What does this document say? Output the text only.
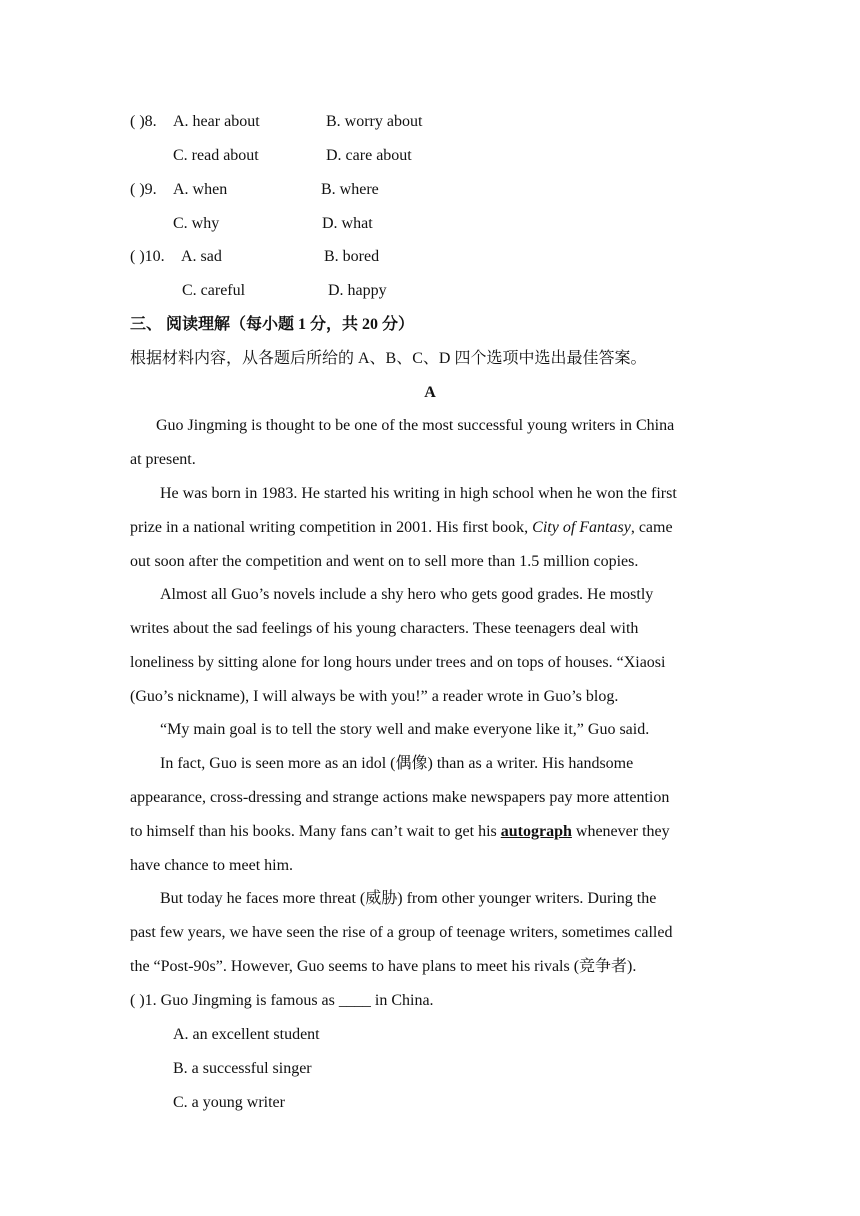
( )8. A. hear about	B. worry about
C. read about	D. care about
( )9. A. when	B. where
C. why	D. what
( )10. A. sad	B. bored
C. careful	D. happy
三、 阅读理解（每小题 1 分，共 20 分）
根据材料内容，从各题后所给的 A、B、C、D 四个选项中选出最佳答案。
A
Guo Jingming is thought to be one of the most successful young writers in China
at present.
He was born in 1983. He started his writing in high school when he won the first
prize in a national writing competition in 2001. His first book, City of Fantasy, came
out soon after the competition and went on to sell more than 1.5 million copies.
Almost all Guo’s novels include a shy hero who gets good grades. He mostly
writes about the sad feelings of his young characters. These teenagers deal with
loneliness by sitting alone for long hours under trees and on tops of houses. “Xiaosi
(Guo’s nickname), I will always be with you!” a reader wrote in Guo’s blog.
“My main goal is to tell the story well and make everyone like it,” Guo said.
In fact, Guo is seen more as an idol (偶像) than as a writer. His handsome
appearance, cross-dressing and strange actions make newspapers pay more attention
to himself than his books. Many fans can’t wait to get his autograph whenever they
have chance to meet him.
But today he faces more threat (威胁) from other younger writers. During the
past few years, we have seen the rise of a group of teenage writers, sometimes called
the “Post-90s”. However, Guo seems to have plans to meet his rivals (竞争者).
( )1. Guo Jingming is famous as ____ in China.
A. an excellent student
B. a successful singer
C. a young writer
